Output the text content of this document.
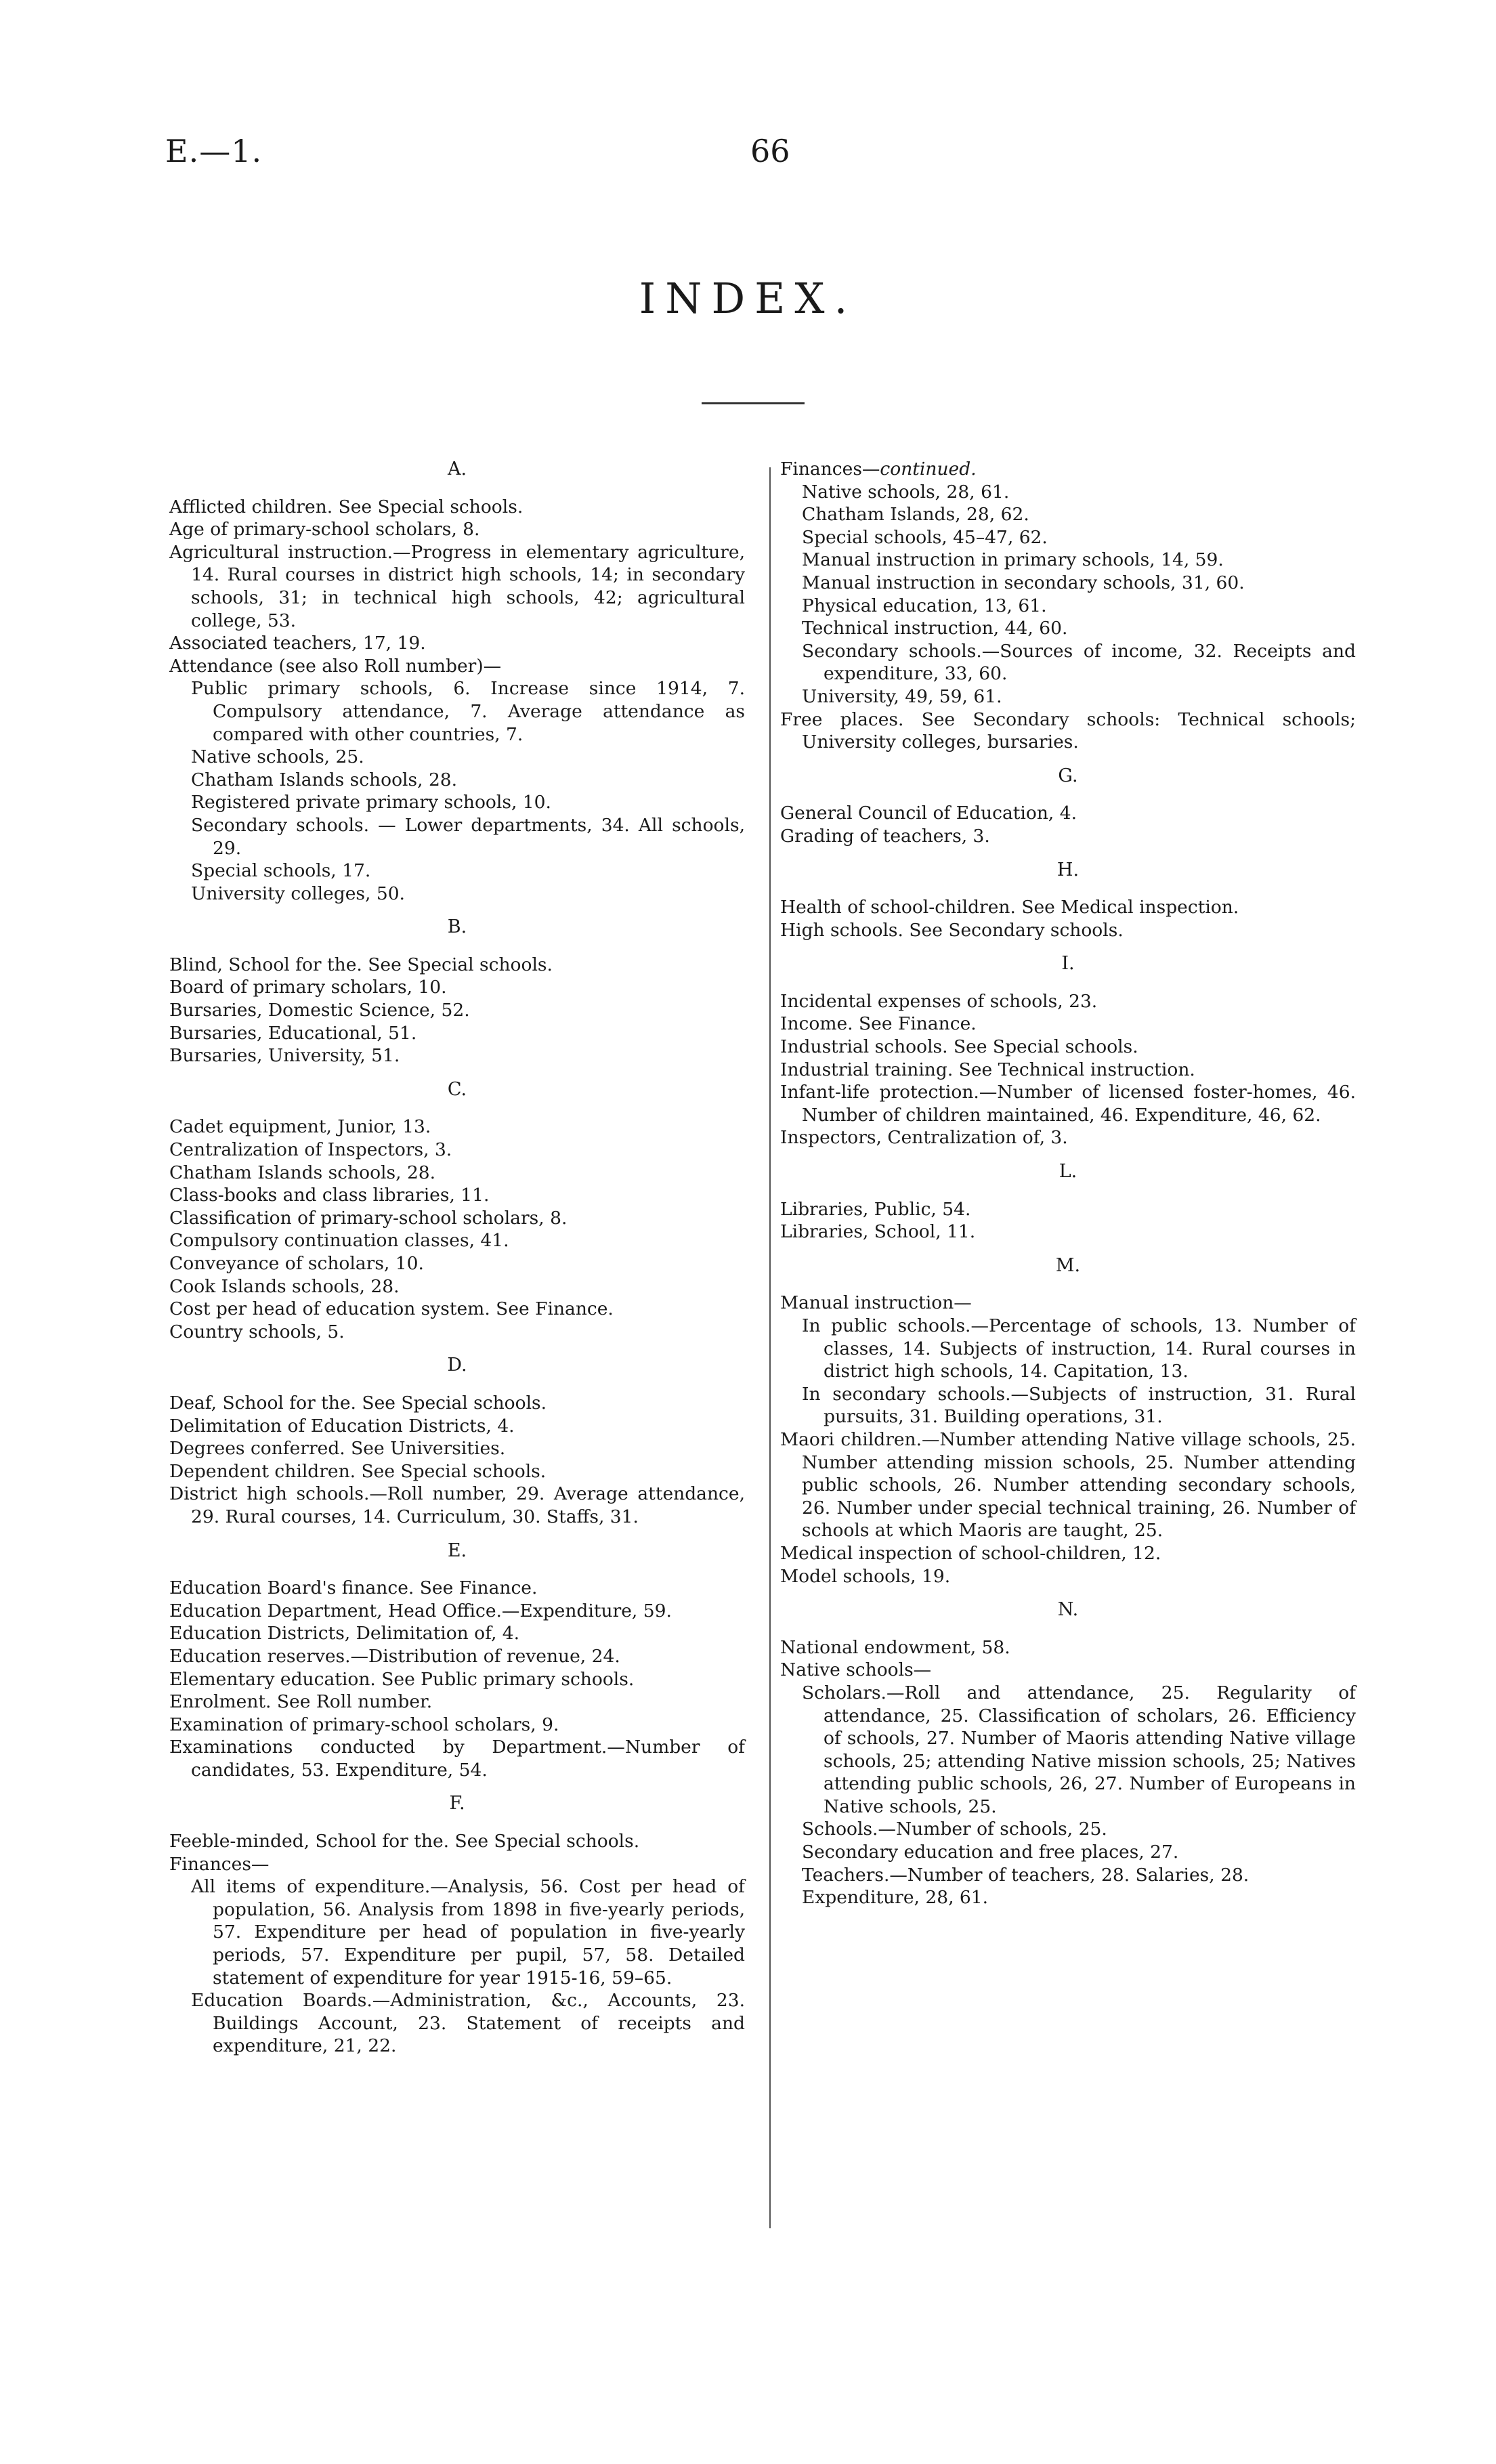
E.—1.	66
INDEX.
A.

Afflicted children. See Special schools.

Age of primary-school scholars, 8.

Agricultural instruction.—Progress in elementary agriculture, 14. Rural courses in district high schools, 14; in secondary schools, 31; in technical high schools, 42; agricultural college, 53.

Associated teachers, 17, 19.

Attendance (see also Roll number)—

Public primary schools, 6. Increase since 1914, 7. Compulsory attendance, 7. Average attendance as compared with other countries, 7.

Native schools, 25.

Chatham Islands schools, 28.

Registered private primary schools, 10.

Secondary schools. — Lower departments, 34. All schools, 29.

Special schools, 17.

University colleges, 50.

B.

Blind, School for the. See Special schools.

Board of primary scholars, 10.

Bursaries, Domestic Science, 52.

Bursaries, Educational, 51.

Bursaries, University, 51.

C.

Cadet equipment, Junior, 13.

Centralization of Inspectors, 3.

Chatham Islands schools, 28.

Class-books and class libraries, 11.

Classification of primary-school scholars, 8.

Compulsory continuation classes, 41.

Conveyance of scholars, 10.

Cook Islands schools, 28.

Cost per head of education system. See Finance.

Country schools, 5.

D.

Deaf, School for the. See Special schools.

Delimitation of Education Districts, 4.

Degrees conferred. See Universities.

Dependent children. See Special schools.

District high schools.—Roll number, 29. Average attendance, 29. Rural courses, 14. Curriculum, 30. Staffs, 31.

E.

Education Board's finance. See Finance.

Education Department, Head Office.—Expenditure, 59.

Education Districts, Delimitation of, 4.

Education reserves.—Distribution of revenue, 24.

Elementary education. See Public primary schools.

Enrolment. See Roll number.

Examination of primary-school scholars, 9.

Examinations conducted by Department.—Number of candidates, 53. Expenditure, 54.

F.

Feeble-minded, School for the. See Special schools.

Finances—

All items of expenditure.—Analysis, 56. Cost per head of population, 56. Analysis from 1898 in five-yearly periods, 57. Expenditure per head of population in five-yearly periods, 57. Expenditure per pupil, 57, 58. Detailed statement of expenditure for year 1915-16, 59–65.

Education Boards.—Administration, &c., Accounts, 23. Buildings Account, 23. Statement of receipts and expenditure, 21, 22.

Finances—continued.

Native schools, 28, 61.

Chatham Islands, 28, 62.

Special schools, 45–47, 62.

Manual instruction in primary schools, 14, 59.

Manual instruction in secondary schools, 31, 60.

Physical education, 13, 61.

Technical instruction, 44, 60.

Secondary schools.—Sources of income, 32. Receipts and expenditure, 33, 60.

University, 49, 59, 61.

Free places. See Secondary schools: Technical schools; University colleges, bursaries.

G.

General Council of Education, 4.

Grading of teachers, 3.

H.

Health of school-children. See Medical inspection.

High schools. See Secondary schools.

I.

Incidental expenses of schools, 23.

Income. See Finance.

Industrial schools. See Special schools.

Industrial training. See Technical instruction.

Infant-life protection.—Number of licensed foster-homes, 46. Number of children maintained, 46. Expenditure, 46, 62.

Inspectors, Centralization of, 3.

L.

Libraries, Public, 54.

Libraries, School, 11.

M.

Manual instruction—

In public schools.—Percentage of schools, 13. Number of classes, 14. Subjects of instruction, 14. Rural courses in district high schools, 14. Capitation, 13.

In secondary schools.—Subjects of instruction, 31. Rural pursuits, 31. Building operations, 31.

Maori children.—Number attending Native village schools, 25. Number attending mission schools, 25. Number attending public schools, 26. Number attending secondary schools, 26. Number under special technical training, 26. Number of schools at which Maoris are taught, 25.

Medical inspection of school-children, 12.

Model schools, 19.

N.

National endowment, 58.

Native schools—

Scholars.—Roll and attendance, 25. Regularity of attendance, 25. Classification of scholars, 26. Efficiency of schools, 27. Number of Maoris attending Native village schools, 25; attending Native mission schools, 25; Natives attending public schools, 26, 27. Number of Europeans in Native schools, 25.

Schools.—Number of schools, 25.

Secondary education and free places, 27.

Teachers.—Number of teachers, 28. Salaries, 28.

Expenditure, 28, 61.
